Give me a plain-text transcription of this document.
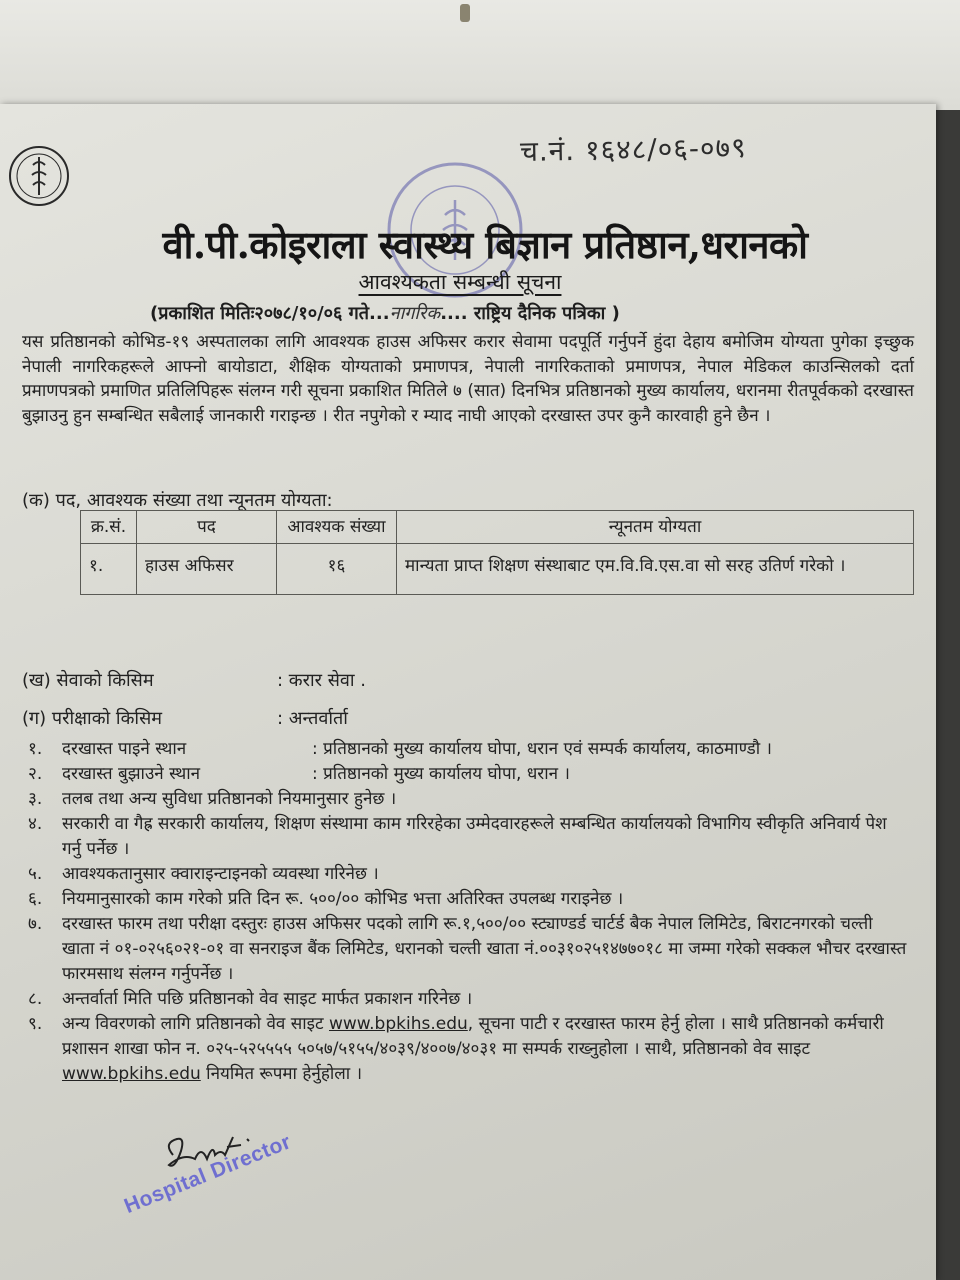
च.नं. १६४८/०६-०७९
वी.पी.कोइराला स्वास्थ्य बिज्ञान प्रतिष्ठान,धरानको
आवश्यकता सम्बन्धी सूचना
(प्रकाशित मितिः२०७८/१०/०६ गते...नागरिक.... राष्ट्रिय दैनिक पत्रिका )
यस प्रतिष्ठानको कोभिड-१९ अस्पतालका लागि आवश्यक हाउस अफिसर करार सेवामा पदपूर्ति गर्नुपर्ने हुंदा देहाय बमोजिम योग्यता पुगेका इच्छुक नेपाली नागरिकहरूले आफ्नो बायोडाटा, शैक्षिक योग्यताको प्रमाणपत्र, नेपाली नागरिकताको प्रमाणपत्र, नेपाल मेडिकल काउन्सिलको दर्ता प्रमाणपत्रको प्रमाणित प्रतिलिपिहरू संलग्न गरी सूचना प्रकाशित मितिले ७ (सात) दिनभित्र प्रतिष्ठानको मुख्य कार्यालय, धरानमा रीतपूर्वकको दरखास्त बुझाउनु हुन सम्बन्धित सबैलाई जानकारी गराइन्छ । रीत नपुगेको र म्याद नाघी आएको दरखास्त उपर कुनै कारवाही हुने छैन ।
(क) पद, आवश्यक संख्या तथा न्यूनतम योग्यता:
क्र.सं.	पद	आवश्यक संख्या	न्यूनतम योग्यता
१.	हाउस अफिसर	१६	मान्यता प्राप्त शिक्षण संस्थाबाट एम.वि.वि.एस.वा सो सरह उतिर्ण गरेको ।
(ख) सेवाको किसिम	: करार सेवा .
(ग) परीक्षाको किसिम	: अन्तर्वार्ता
१.	दरखास्त पाइने स्थान	: प्रतिष्ठानको मुख्य कार्यालय घोपा, धरान एवं सम्पर्क कार्यालय, काठमाण्डौ ।
२.	दरखास्त बुझाउने स्थान	: प्रतिष्ठानको मुख्य कार्यालय घोपा, धरान ।
३.	तलब तथा अन्य सुविधा प्रतिष्ठानको नियमानुसार हुनेछ ।
४.	सरकारी वा गैह्र सरकारी कार्यालय, शिक्षण संस्थामा काम गरिरहेका उम्मेदवारहरूले सम्बन्धित कार्यालयको विभागिय स्वीकृति अनिवार्य पेश गर्नु पर्नेछ ।
५.	आवश्यकतानुसार क्वाराइन्टाइनको व्यवस्था गरिनेछ ।
६.	नियमानुसारको काम गरेको प्रति दिन रू. ५००/०० कोभिड भत्ता अतिरिक्त उपलब्ध गराइनेछ ।
७.	दरखास्त फारम तथा परीक्षा दस्तुरः हाउस अफिसर पदको लागि रू.१,५००/०० स्ट्याण्डर्ड चार्टर्ड बैक नेपाल लिमिटेड, बिराटनगरको चल्ती खाता नं ०१-०२५६०२१-०१ वा सनराइज बैंक लिमिटेड, धरानको चल्ती खाता नं.००३१०२५१४७७०१८ मा जम्मा गरेको सक्कल भौचर दरखास्त फारमसाथ संलग्न गर्नुपर्नेछ ।
८.	अन्तर्वार्ता मिति पछि प्रतिष्ठानको वेव साइट मार्फत प्रकाशन गरिनेछ ।
९.	अन्य विवरणको लागि प्रतिष्ठानको वेव साइट www.bpkihs.edu, सूचना पाटी र दरखास्त फारम हेर्नु होला । साथै प्रतिष्ठानको कर्मचारी प्रशासन शाखा फोन न. ०२५-५२५५५५ ५०५७/५१५५/४०३९/४००७/४०३१ मा सम्पर्क राख्नुहोला । साथै, प्रतिष्ठानको वेव साइट www.bpkihs.edu नियमित रूपमा हेर्नुहोला ।
Hospital Director
